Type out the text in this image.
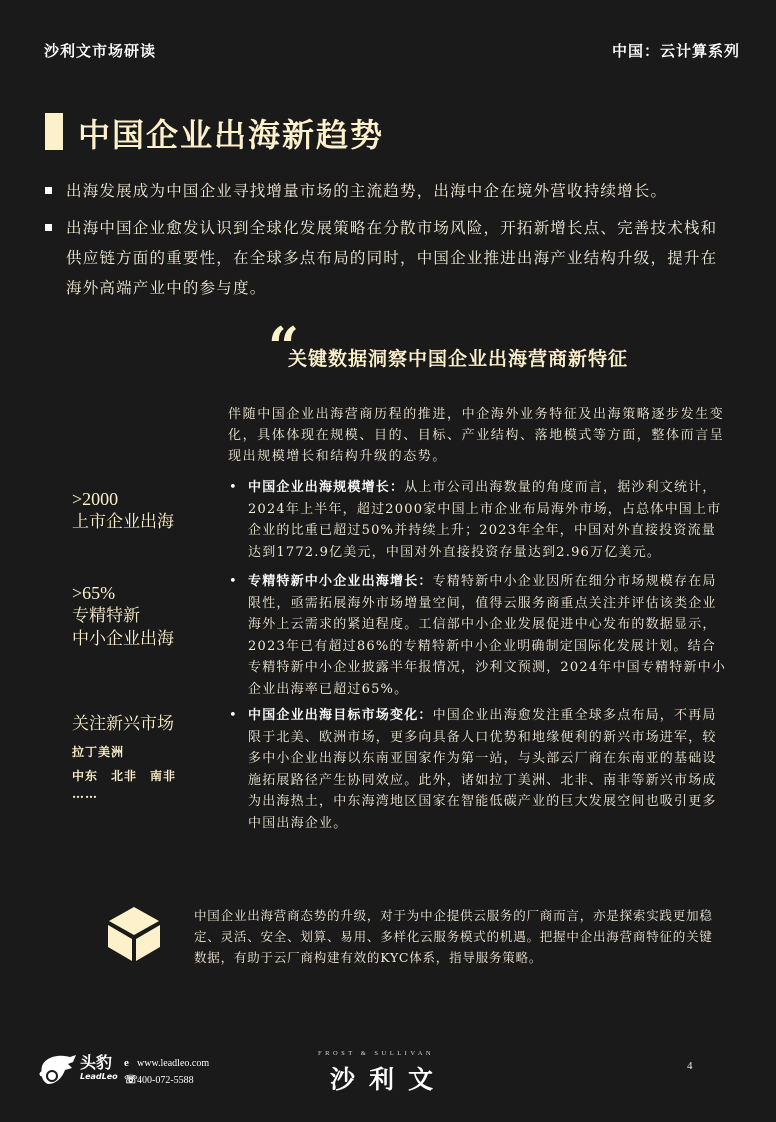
沙利文市场研读	中国：云计算系列
中国企业出海新趋势
出海发展成为中国企业寻找增量市场的主流趋势，出海中企在境外营收持续增长。
出海中国企业愈发认识到全球化发展策略在分散市场风险，开拓新增长点、完善技术栈和供应链方面的重要性，在全球多点布局的同时，中国企业推进出海产业结构升级，提升在海外高端产业中的参与度。
“
关键数据洞察中国企业出海营商新特征

伴随中国企业出海营商历程的推进，中企海外业务特征及出海策略逐步发生变化，具体体现在规模、目的、目标、产业结构、落地模式等方面，整体而言呈现出规模增长和结构升级的态势。

>2000
上市企业出海
>65%
专精特新
中小企业出海
关注新兴市场
拉丁美洲
中东　北非　南非
……
• 中国企业出海规模增长：从上市公司出海数量的角度而言，据沙利文统计，2024年上半年，超过2000家中国上市企业布局海外市场，占总体中国上市企业的比重已超过50%并持续上升；2023年全年，中国对外直接投资流量达到1772.9亿美元，中国对外直接投资存量达到2.96万亿美元。
• 专精特新中小企业出海增长：专精特新中小企业因所在细分市场规模存在局限性，亟需拓展海外市场增量空间，值得云服务商重点关注并评估该类企业海外上云需求的紧迫程度。工信部中小企业发展促进中心发布的数据显示，2023年已有超过86%的专精特新中小企业明确制定国际化发展计划。结合专精特新中小企业披露半年报情况，沙利文预测，2024年中国专精特新中小企业出海率已超过65%。
• 中国企业出海目标市场变化：中国企业出海愈发注重全球多点布局，不再局限于北美、欧洲市场，更多向具备人口优势和地缘便利的新兴市场进军，较多中小企业出海以东南亚国家作为第一站，与头部云厂商在东南亚的基础设施拓展路径产生协同效应。此外，诸如拉丁美洲、北非、南非等新兴市场成为出海热土，中东海湾地区国家在智能低碳产业的巨大发展空间也吸引更多中国出海企业。

中国企业出海营商态势的升级，对于为中企提供云服务的厂商而言，亦是探索实践更加稳定、灵活、安全、划算、易用、多样化云服务模式的机遇。把握中企出海营商特征的关键数据，有助于云厂商构建有效的KYC体系，指导服务策略。

头豹
LeadLeo
e www.leadleo.com
☏400-072-5588
FROST & SULLIVAN
沙利文	4
